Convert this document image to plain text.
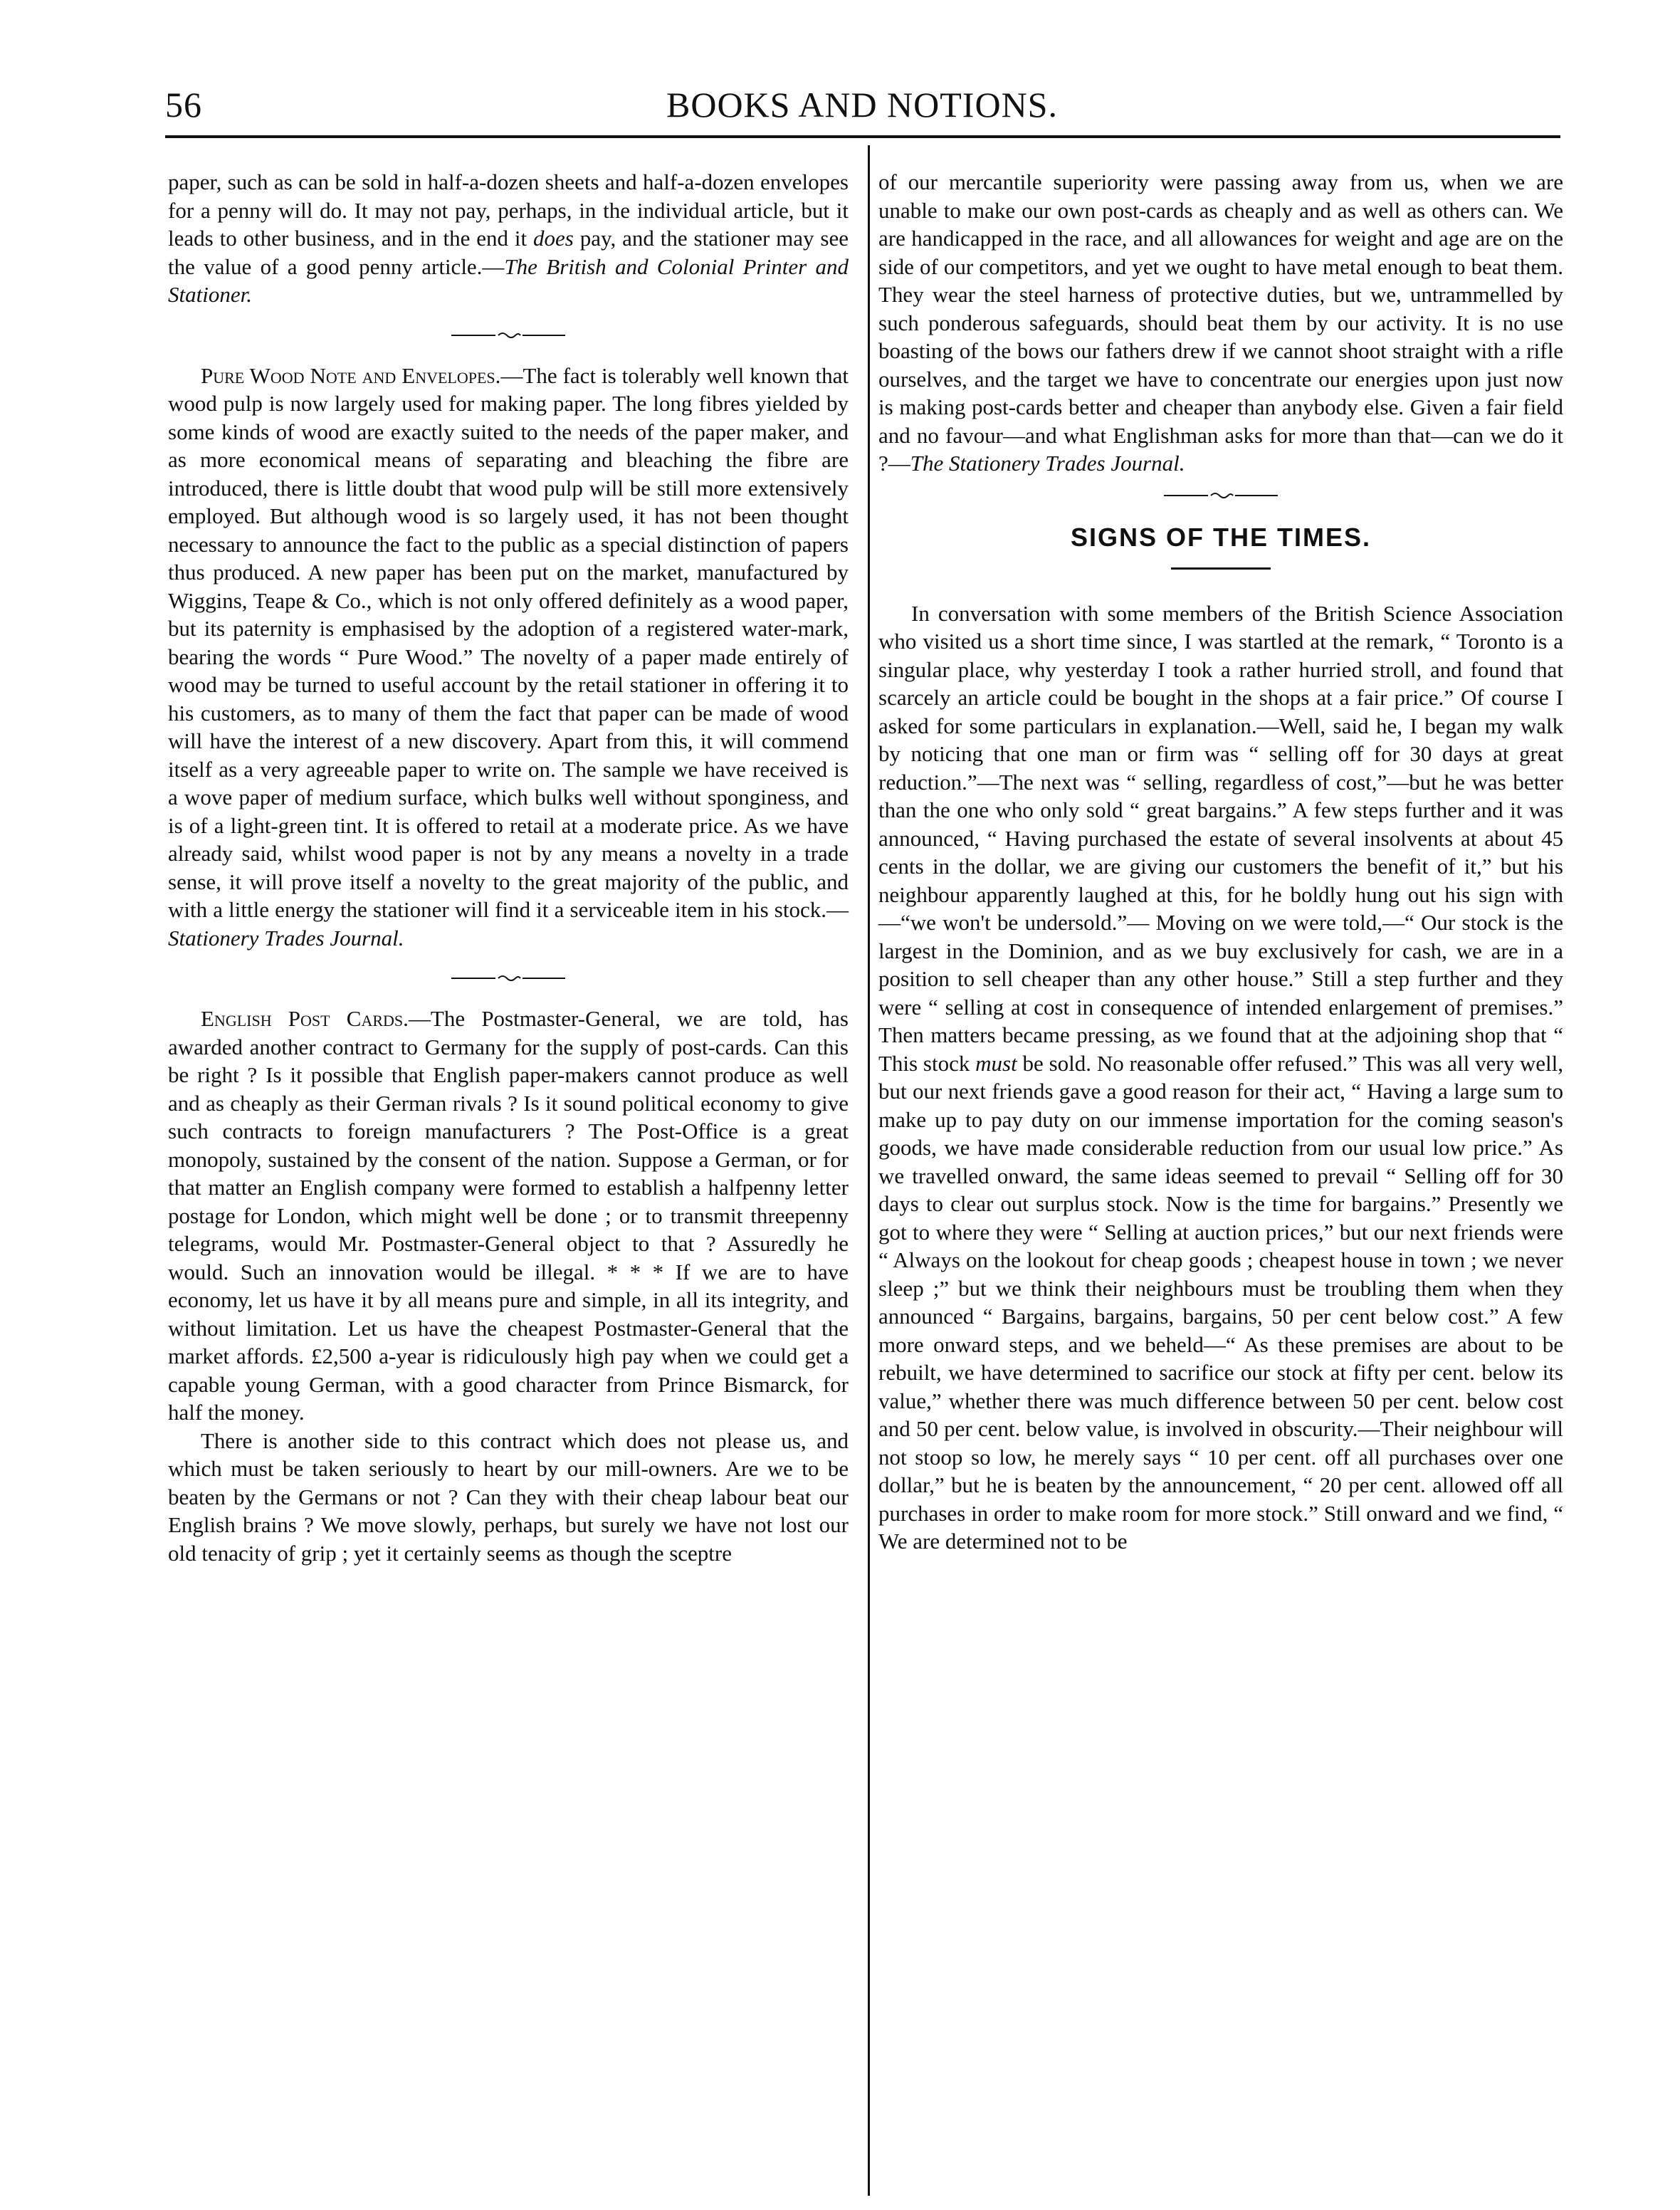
56	BOOKS AND NOTIONS.

paper, such as can be sold in half-a-dozen sheets and half-a-dozen envelopes for a penny will do. It may not pay, perhaps, in the individual article, but it leads to other business, and in the end it does pay, and the stationer may see the value of a good penny article.—The British and Colonial Printer and Stationer.

Pure Wood Note and Envelopes.—The fact is tolerably well known that wood pulp is now largely used for making paper. The long fibres yielded by some kinds of wood are exactly suited to the needs of the paper maker, and as more economical means of separating and bleaching the fibre are introduced, there is little doubt that wood pulp will be still more extensively employed. But although wood is so largely used, it has not been thought necessary to announce the fact to the public as a special distinction of papers thus produced. A new paper has been put on the market, manufactured by Wiggins, Teape & Co., which is not only offered definitely as a wood paper, but its paternity is emphasised by the adoption of a registered water-mark, bearing the words “ Pure Wood.” The novelty of a paper made entirely of wood may be turned to useful account by the retail stationer in offering it to his customers, as to many of them the fact that paper can be made of wood will have the interest of a new discovery. Apart from this, it will commend itself as a very agreeable paper to write on. The sample we have received is a wove paper of medium surface, which bulks well without sponginess, and is of a light-green tint. It is offered to retail at a moderate price. As we have already said, whilst wood paper is not by any means a novelty in a trade sense, it will prove itself a novelty to the great majority of the public, and with a little energy the stationer will find it a serviceable item in his stock.—Stationery Trades Journal.

English Post Cards.—The Postmaster-General, we are told, has awarded another contract to Germany for the supply of post-cards. Can this be right ? Is it possible that English paper-makers cannot produce as well and as cheaply as their German rivals ? Is it sound political economy to give such contracts to foreign manufacturers ? The Post-Office is a great monopoly, sustained by the consent of the nation. Suppose a German, or for that matter an English company were formed to establish a halfpenny letter postage for London, which might well be done ; or to transmit threepenny telegrams, would Mr. Postmaster-General object to that ? Assuredly he would. Such an innovation would be illegal. * * * If we are to have economy, let us have it by all means pure and simple, in all its integrity, and without limitation. Let us have the cheapest Postmaster-General that the market affords. £2,500 a-year is ridiculously high pay when we could get a capable young German, with a good character from Prince Bismarck, for half the money.

There is another side to this contract which does not please us, and which must be taken seriously to heart by our mill-owners. Are we to be beaten by the Germans or not ? Can they with their cheap labour beat our English brains ? We move slowly, perhaps, but surely we have not lost our old tenacity of grip ; yet it certainly seems as though the sceptre

of our mercantile superiority were passing away from us, when we are unable to make our own post-cards as cheaply and as well as others can. We are handicapped in the race, and all allowances for weight and age are on the side of our competitors, and yet we ought to have metal enough to beat them. They wear the steel harness of protective duties, but we, untrammelled by such ponderous safeguards, should beat them by our activity. It is no use boasting of the bows our fathers drew if we cannot shoot straight with a rifle ourselves, and the target we have to concentrate our energies upon just now is making post-cards better and cheaper than anybody else. Given a fair field and no favour—and what Englishman asks for more than that—can we do it ?—The Stationery Trades Journal.

SIGNS OF THE TIMES.

In conversation with some members of the British Science Association who visited us a short time since, I was startled at the remark, “ Toronto is a singular place, why yesterday I took a rather hurried stroll, and found that scarcely an article could be bought in the shops at a fair price.” Of course I asked for some particulars in explanation.—Well, said he, I began my walk by noticing that one man or firm was “ selling off for 30 days at great reduction.”—The next was “ selling, regardless of cost,”—but he was better than the one who only sold “ great bargains.” A few steps further and it was announced, “ Having purchased the estate of several insolvents at about 45 cents in the dollar, we are giving our customers the benefit of it,” but his neighbour apparently laughed at this, for he boldly hung out his sign with—“we won't be undersold.”— Moving on we were told,—“ Our stock is the largest in the Dominion, and as we buy exclusively for cash, we are in a position to sell cheaper than any other house.” Still a step further and they were “ selling at cost in consequence of intended enlargement of premises.” Then matters became pressing, as we found that at the adjoining shop that “ This stock must be sold. No reasonable offer refused.” This was all very well, but our next friends gave a good reason for their act, “ Having a large sum to make up to pay duty on our immense importation for the coming season's goods, we have made considerable reduction from our usual low price.” As we travelled onward, the same ideas seemed to prevail “ Selling off for 30 days to clear out surplus stock. Now is the time for bargains.” Presently we got to where they were “ Selling at auction prices,” but our next friends were “ Always on the lookout for cheap goods ; cheapest house in town ; we never sleep ;” but we think their neighbours must be troubling them when they announced “ Bargains, bargains, bargains, 50 per cent below cost.” A few more onward steps, and we beheld—“ As these premises are about to be rebuilt, we have determined to sacrifice our stock at fifty per cent. below its value,” whether there was much difference between 50 per cent. below cost and 50 per cent. below value, is involved in obscurity.—Their neighbour will not stoop so low, he merely says “ 10 per cent. off all purchases over one dollar,” but he is beaten by the announcement, “ 20 per cent. allowed off all purchases in order to make room for more stock.” Still onward and we find, “ We are determined not to be
